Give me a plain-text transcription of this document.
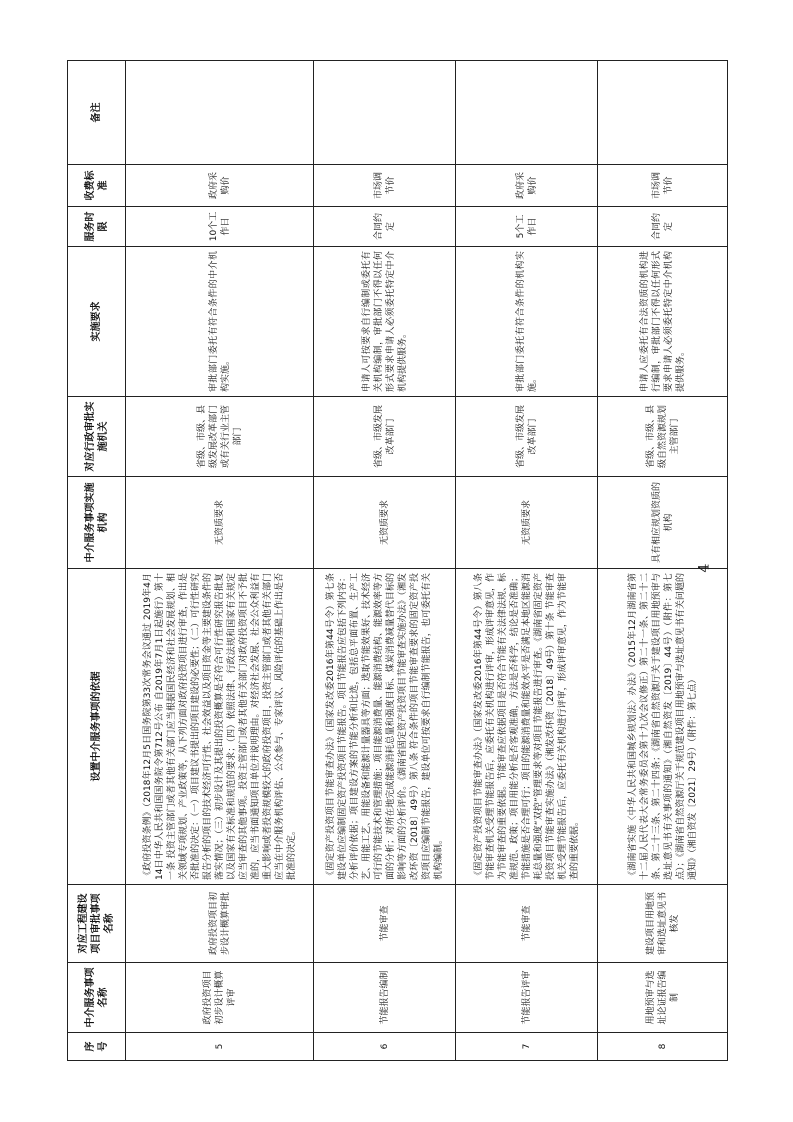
序号	中介服务事项名称	对应工程建设项目审批事项名称	设置中介服务事项的依据	中介服务事项实施机构	对应行政审批实施机关	实施要求	服务时限	收费标准	备注
5	政府投资项目初步设计概算评审	政府投资项目初步设计概算审批	《政府投资条例》（2018年12月5日国务院第33次常务会议通过 2019年4月14日中华人民共和国国务院令第712号公布 自2019年7月1日起施行）第十一条 投资主管部门或者其他有关部门应当根据国民经济和社会发展规划、相关领域专项规划、产业政策等，从下列方面对政府投资项目进行审查，作出是否批准的决定：（一）项目建议书提出的项目建设的必要性；（二）可行性研究报告分析的项目的技术经济可行性、社会效益以及项目资金等主要建设条件的落实情况；（三）初步设计及其提出的投资概算是否符合可行性研究报告批复以及国家有关标准和规范的要求；（四）依照法律、行政法规和国家有关规定应当审查的其他事项。投资主管部门或者其他有关部门对政府投资项目不予批准的，应当书面通知项目单位并说明理由。对经济社会发展、社会公众利益有重大影响或者投资规模较大的政府投资项目，投资主管部门或者其他有关部门应当在中介服务机构评估、公众参与、专家评议、风险评估的基础上作出是否批准的决定。	无资质要求	省级、市级、县级发展改革部门或有关行业主管部门	审批部门委托有符合条件的中介机构实施。	10个工作日	政府采购价	
6	节能报告编制	节能审查	《固定资产投资项目节能审查办法》（国家发改委2016年第44号令）第七条 建设单位应编制固定资产投资项目节能报告。项目节能报告应包括下列内容：分析评价依据；项目建设方案的节能分析和比选，包括总平面布置、生产工艺、用能工艺、用能设备和能源计量器具等方面；选取节能效果好、技术经济可行的节能技术和管理措施；项目能源消费量、能源消费结构、能源效率等方面的分析；对所在地完成能源消耗总量和强度目标、煤炭消费减量替代目标的影响等方面的分析评价。《湖南省固定资产投资项目节能审查实施办法》（湘发改环资〔2018〕49号）第八条 符合条件的项目节能审查要求的固定资产投资项目应编制节能报告，建设单位可按要求自行编制节能报告，也可委托有关机构编制。	无资质要求	省级、市级发展改革部门	申请人可按要求自行编制或委托有关机构编制，审批部门不得以任何形式要求申请人必须委托特定中介机构提供服务。	合同约定	市场调节价	
7	节能报告评审	节能审查	《固定资产投资项目节能审查办法》（国家发改委2016年第44号令）第八条 节能审查机关受理节能报告后，应委托有关机构进行评审，形成评审意见，作为节能审查的重要依据。节能审查应依据项目是否符合节能有关法律法规、标准规范、政策；项目用能分析是否客观准确，方法是否科学，结论是否准确；节能措施是否合理可行；项目的能源消费量和能效水平是否满足本地区能源消耗总量和强度“双控”管理要求等对项目节能报告进行审查。《湖南省固定资产投资项目节能审查实施办法》（湘发改环资〔2018〕49号）第十条 节能审查机关受理节能报告后，应委托有关机构进行评审，形成评审意见，作为节能审查的重要依据。	无资质要求	省级、市级发展改革部门	审批部门委托有符合条件的机构实施。	5个工作日	政府采购价	
8	用地预审与选址论证报告编制	建设项目用地预审和选址意见书核发	《湖南省实施〈中华人民共和国城乡规划法〉办法》（2015年12月湖南省第十二届人民代表大会常务委员会第十九次会议修正）第二十一条、第二十二条、第二十三条、第二十四条；《湖南省自然资源厅关于建设项目用地预审与选址意见书有关事项的通知》（湘自然资发〔2019〕44号）（附件：第七点）；《湖南省自然资源厅关于规范建设项目用地预审与选址意见书有关问题的通知》（湘自资发〔2021〕29号）（附件：第七点）	具有相应规划资质的机构	省级、市级、县级自然资源规划主管部门	申请人应委托有合法资质的机构进行编制，审批部门不得以任何形式要求申请人必须委托特定中介机构提供服务。	合同约定	市场调节价	
4
